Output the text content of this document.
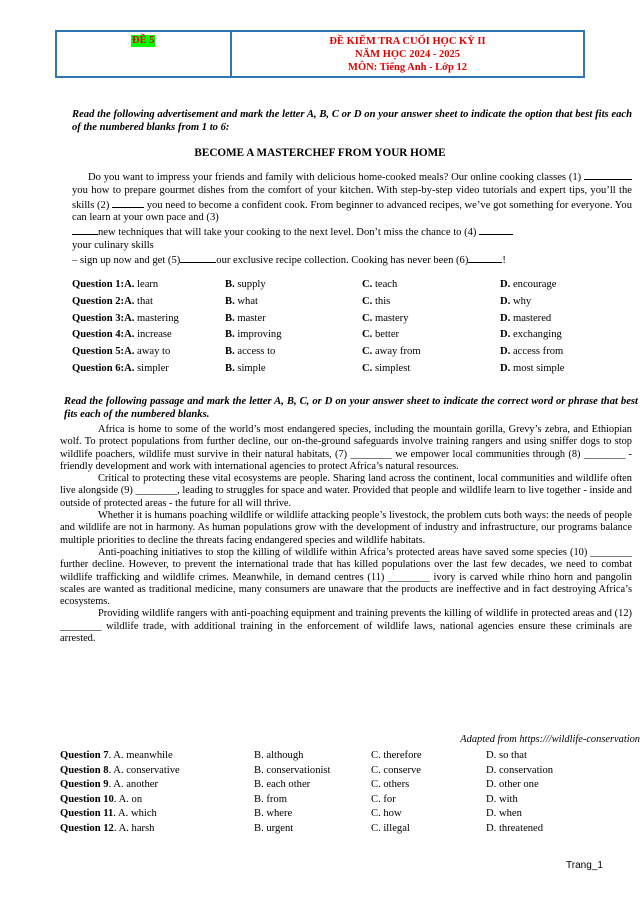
ĐỀ 5	ĐỀ KIỂM TRA CUỐI HỌC KỲ II
NĂM HỌC 2024 - 2025
MÔN: Tiếng Anh - Lớp 12
Read the following advertisement and mark the letter A, B, C or D on your answer sheet to indicate the option that best fits each of the numbered blanks from 1 to 6:
BECOME A MASTERCHEF FROM YOUR HOME

Do you want to impress your friends and family with delicious home-cooked meals? Our online cooking classes (1) you how to prepare gourmet dishes from the comfort of your kitchen. With step-by-step video tutorials and expert tips, you’ll the skills (2)	you need to become a confident cook. From beginner to advanced recipes, we’ve got something for everyone. You can learn at your own pace and (3)
new techniques that will take your cooking to the next level. Don’t miss the chance to (4)

your culinary skills

– sign up now and get (5)	our exclusive recipe collection. Cooking has never been (6)	!

Question 1: A. learn	B. supply	C. teach	D. encourage
Question 2: A. that	B. what	C. this	D. why
Question 3: A. mastering	B. master	C. mastery	D. mastered
Question 4: A. increase	B. improving	C. better	D. exchanging
Question 5: A. away to	B. access to	C. away from	D. access from
Question 6: A. simpler	B. simple	C. simplest	D. most simple
Read the following passage and mark the letter A, B, C, or D on your answer sheet to indicate the correct word or phrase that best fits each of the numbered blanks.

Africa is home to some of the world’s most endangered species, including the mountain gorilla, Grevy’s zebra, and Ethiopian wolf. To protect populations from further decline, our on-the-ground safeguards involve training rangers and using sniffer dogs to stop wildlife poachers, wildlife must survive in their natural habitats, (7) ________ we empower local communities through (8) ________ - friendly development and work with international agencies to protect Africa’s natural resources.

Critical to protecting these vital ecosystems are people. Sharing land across the continent, local communities and wildlife often live alongside (9) ________, leading to struggles for space and water. Provided that people and wildlife learn to live together - inside and outside of protected areas - the future for all will thrive.

Whether it is humans poaching wildlife or wildlife attacking people’s livestock, the problem cuts both ways: the needs of people and wildlife are not in harmony. As human populations grow with the development of industry and infrastructure, our programs balance multiple priorities to decline the threats facing endangered species and wildlife habitats.

Anti-poaching initiatives to stop the killing of wildlife within Africa’s protected areas have saved some species (10) ________ further decline. However, to prevent the international trade that has killed populations over the last few decades, we need to combat wildlife trafficking and wildlife crimes. Meanwhile, in demand centres (11) ________ ivory is carved while rhino horn and pangolin scales are wanted as traditional medicine, many consumers are unaware that the products are ineffective and in fact destroying Africa’s ecosystems.

Providing wildlife rangers with anti-poaching equipment and training prevents the killing of wildlife in protected areas and (12) ________ wildlife trade, with additional training in the enforcement of wildlife laws, national agencies ensure these criminals are arrested.

Adapted from https:///wildlife-conservation
Question 7 . A. meanwhile	B. although	C. therefore	D. so that
Question 8 . A. conservative	B. conservationist	C. conserve	D. conservation
Question 9 . A. another	B. each other	C. others	D. other one
Question 10 . A. on	B. from	C. for	D. with
Question 11 . A. which	B. where	C. how	D. when
Question 12 . A. harsh	B. urgent	C. illegal	D. threatened
Trang_1
